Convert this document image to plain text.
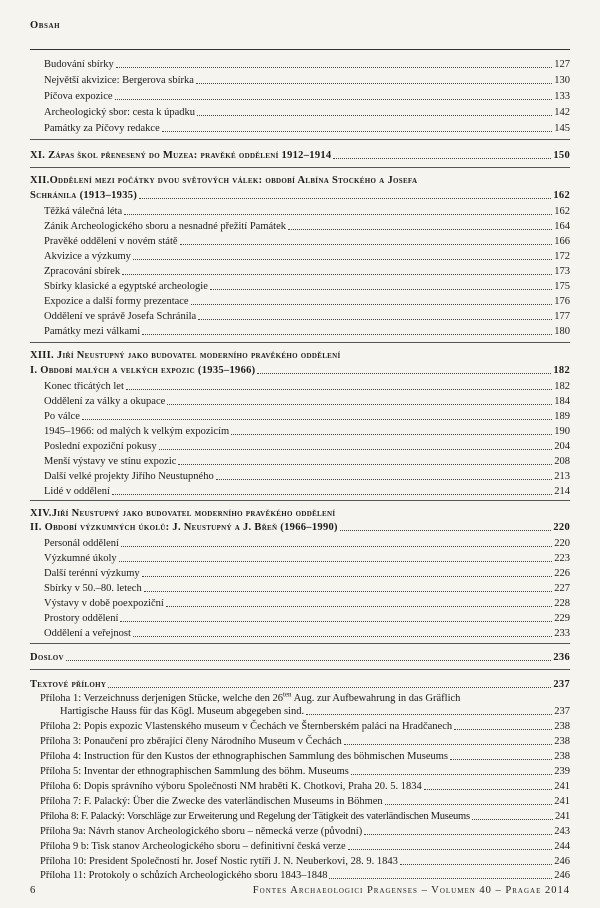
Obsah
Budování sbírky	127
Největší akvizice: Bergerova sbírka	130
Píčova expozice	133
Archeologický sbor: cesta k úpadku	142
Památky za Píčovy redakce	145
XI. Zápas škol přenesený do Muzea: pravěké oddělení 1912–1914	150
XII.Oddělení mezi počátky dvou světových válek: období Albína Stockého a Josefa
Schránila (1913–1935)	162
Těžká válečná léta	162
Zánik Archeologického sboru a nesnadné přežití Památek	164
Pravěké oddělení v novém státě	166
Akvizice a výzkumy	172
Zpracování sbírek	173
Sbírky klasické a egyptské archeologie	175
Expozice a další formy prezentace	176
Oddělení ve správě Josefa Schránila	177
Památky mezi válkami	180
XIII. Jiří Neustupný jako budovatel moderního pravěkého oddělení
I. Období malých a velkých expozic (1935–1966)	182
Konec třicátých let	182
Oddělení za války a okupace	184
Po válce	189
1945–1966: od malých k velkým expozicím	190
Poslední expoziční pokusy	204
Menší výstavy ve stínu expozic	208
Další velké projekty Jiřího Neustupného	213
Lidé v oddělení	214
XIV.Jiří Neustupný jako budovatel moderního pravěkého oddělení
II. Období výzkumných úkolů: J. Neustupný a J. Břeň (1966–1990)	220
Personál oddělení	220
Výzkumné úkoly	223
Další terénní výzkumy	226
Sbírky v 50.–80. letech	227
Výstavy v době poexpoziční	228
Prostory oddělení	229
Oddělení a veřejnost	233
Doslov	236
Textové přílohy	237
Příloha 1: Verzeichnuss derjenigen Stücke, welche den $26^{ten}$ Aug. zur Aufbewahrung in das Gräflich
Hartigische Hauss für das Kögl. Museum abgegeben sind.	237
Příloha 2: Popis expozic Vlastenského museum v Čechách ve Šternberském paláci na Hradčanech	238
Příloha 3: Ponaučení pro zběrající členy Národního Museum v Čechách	238
Příloha 4: Instruction für den Kustos der ethnographischen Sammlung des böhmischen Museums	238
Příloha 5: Inventar der ethnographischen Sammlung des böhm. Museums	239
Příloha 6: Dopis správního výboru Společnosti NM hraběti K. Chotkovi, Praha 20. 5. 1834	241
Příloha 7: F. Palacký: Über die Zwecke des vaterländischen Museums in Böhmen	241
Příloha 8: F. Palacký: Vorschläge zur Erweiterung und Regelung der Tätigkeit des vaterländischen Museums	241
Příloha 9a: Návrh stanov Archeologického sboru – německá verze (původní)	243
Příloha 9 b: Tisk stanov Archeologického sboru – definitivní česká verze	244
Příloha 10: President Společnosti hr. Josef Nostic rytíři J. N. Neuberkovi, 28. 9. 1843	246
Příloha 11: Protokoly o schůzích Archeologického sboru 1843–1848	246
6	Fontes Archaeologici Pragenses – Volumen 40 – Pragae 2014
